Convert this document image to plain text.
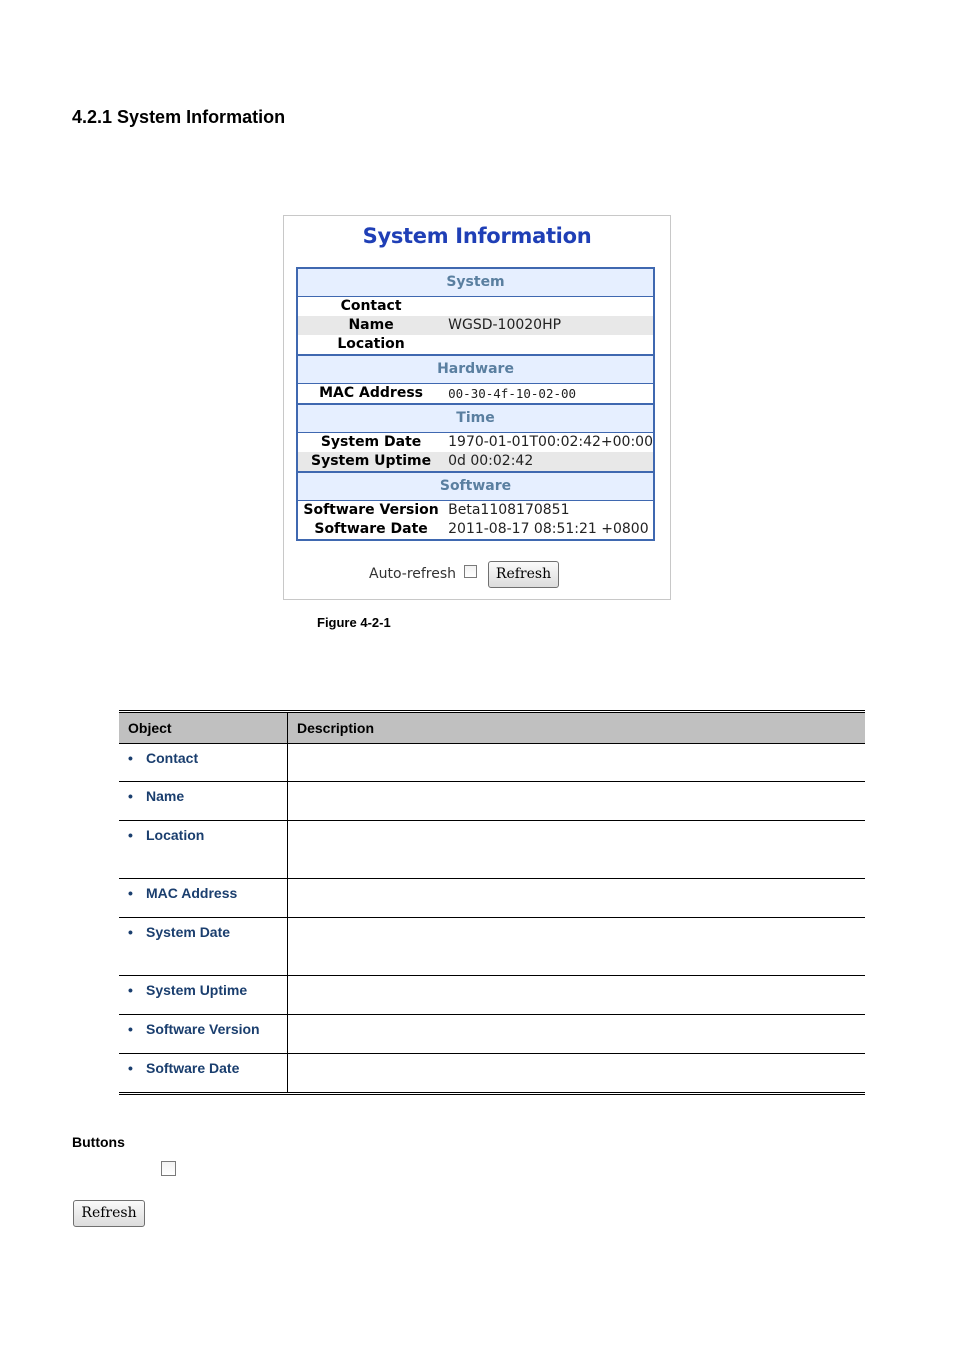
4.2.1 System Information
System Information
System	
Contact	
Name	WGSD-10020HP
Location	
Hardware	
MAC Address	00-30-4f-10-02-00
Time	
System Date	1970-01-01T00:02:42+00:00
System Uptime	0d 00:02:42
Software	
Software Version	Beta1108170851
Software Date	2011-08-17 08:51:21 +0800
Auto-refresh	Refresh
Figure 4-2-1
Object	Description
• Contact	
• Name	
• Location	
• MAC Address	
• System Date	
• System Uptime	
• Software Version	
• Software Date	
Buttons
Refresh
